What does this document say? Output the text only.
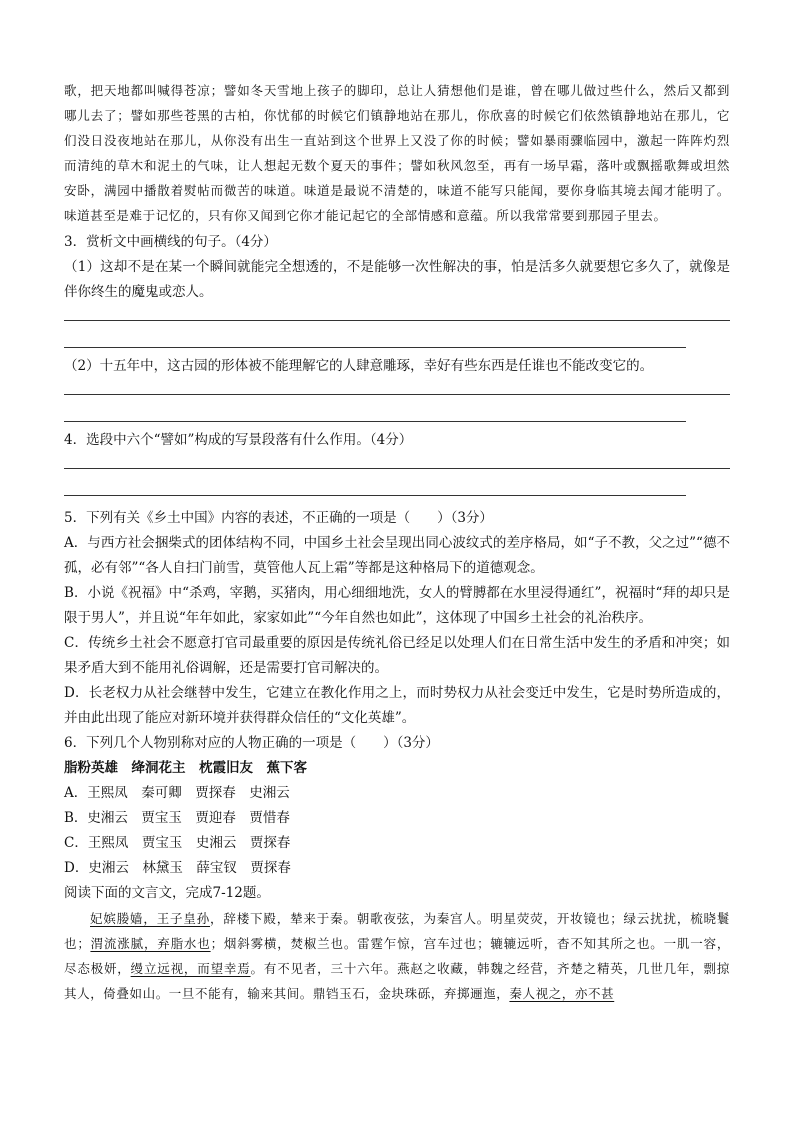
歌，把天地都叫喊得苍凉；譬如冬天雪地上孩子的脚印，总让人猜想他们是谁，曾在哪儿做过些什么，然后又都到哪儿去了；譬如那些苍黑的古柏，你忧郁的时候它们镇静地站在那儿，你欣喜的时候它们依然镇静地站在那儿，它们没日没夜地站在那儿，从你没有出生一直站到这个世界上又没了你的时候；譬如暴雨骤临园中，激起一阵阵灼烈而清纯的草木和泥土的气味，让人想起无数个夏天的事件；譬如秋风忽至，再有一场早霜，落叶或飘摇歌舞或坦然安卧，满园中播散着熨帖而微苦的味道。味道是最说不清楚的，味道不能写只能闻，要你身临其境去闻才能明了。味道甚至是难于记忆的，只有你又闻到它你才能记起它的全部情感和意蕴。所以我常常要到那园子里去。

3．赏析文中画横线的句子。（4分）

（1）这却不是在某一个瞬间就能完全想透的，不是能够一次性解决的事，怕是活多久就要想它多久了，就像是伴你终生的魔鬼或恋人。

（2）十五年中，这古园的形体被不能理解它的人肆意雕琢，幸好有些东西是任谁也不能改变它的。

4．选段中六个“譬如”构成的写景段落有什么作用。（4分）

5．下列有关《乡土中国》内容的表述，不正确的一项是（　　）（3分）

A．与西方社会捆柴式的团体结构不同，中国乡土社会呈现出同心波纹式的差序格局，如“子不教，父之过”“德不孤，必有邻”“各人自扫门前雪，莫管他人瓦上霜”等都是这种格局下的道德观念。

B．小说《祝福》中“杀鸡，宰鹅，买猪肉，用心细细地洗，女人的臂膊都在水里浸得通红”，祝福时“拜的却只是限于男人”，并且说“年年如此，家家如此”“今年自然也如此”，这体现了中国乡土社会的礼治秩序。

C．传统乡土社会不愿意打官司最重要的原因是传统礼俗已经足以处理人们在日常生活中发生的矛盾和冲突；如果矛盾大到不能用礼俗调解，还是需要打官司解决的。

D．长老权力从社会继替中发生，它建立在教化作用之上，而时势权力从社会变迁中发生，它是时势所造成的，并由此出现了能应对新环境并获得群众信任的“文化英雄”。

6．下列几个人物别称对应的人物正确的一项是（　　）（3分）

脂粉英雄　绛洞花主　枕霞旧友　蕉下客

A．王熙凤　秦可卿　贾探春　史湘云

B．史湘云　贾宝玉　贾迎春　贾惜春

C．王熙凤　贾宝玉　史湘云　贾探春

D．史湘云　林黛玉　薛宝钗　贾探春

阅读下面的文言文，完成7-12题。

妃嫔媵嫱，王子皇孙，辞楼下殿，辇来于秦。朝歌夜弦，为秦宫人。明星荧荧，开妆镜也；绿云扰扰，梳晓鬟也；渭流涨腻，弃脂水也；烟斜雾横，焚椒兰也。雷霆乍惊，宫车过也；辘辘远听，杳不知其所之也。一肌一容，尽态极妍，缦立远视，而望幸焉。有不见者，三十六年。燕赵之收藏，韩魏之经营，齐楚之精英，几世几年，剽掠其人，倚叠如山。一旦不能有，输来其间。鼎铛玉石，金块珠砾，弃掷逦迤，秦人视之，亦不甚
